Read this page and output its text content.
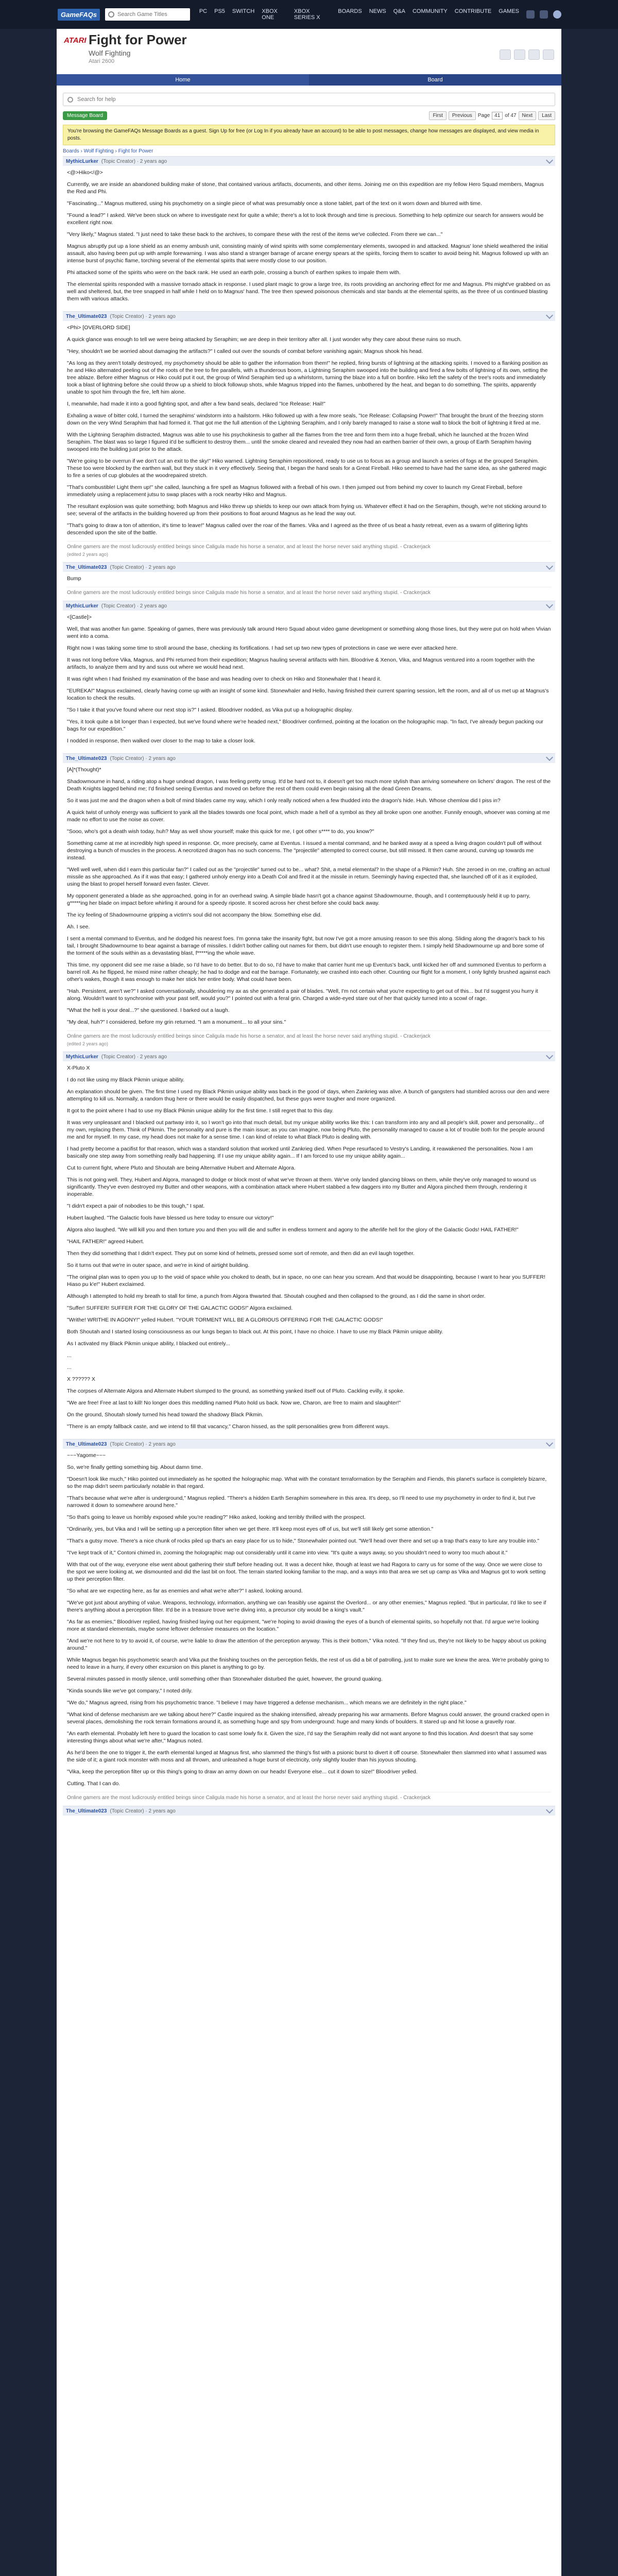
GameFAQs
Search Game Titles	PC PS5 SWITCH XBOX ONE
XBOX SERIES X
BOARDS NEWS Q&A COMMUNITY CONTRIBUTE GAMES
ATARI Fight for Power
Wolf Fighting
Atari 2600
Home	Board
Search for help
Message Board	First	Previous	Page 41 of 47	Next	Last
You're browsing the GameFAQs Message Boards as a guest. Sign Up for free (or Log In if you already have an account) to be able to post messages, change how messages are displayed, and view media in posts.
Boards › Wolf Fighting › Fight for Power
MythicLurker (Topic Creator) · 2 years ago

<@>Hiko</@>

Currently, we are inside an abandoned building make of stone, that contained various artifacts, documents, and other items. Joining me on this expedition are my fellow Hero Squad members, Magnus the Red and Phi.

"Fascinating..." Magnus muttered, using his psychometry on a single piece of what was presumably once a stone tablet, part of the text on it worn down and blurred with time.

"Found a lead?" I asked. We've been stuck on where to investigate next for quite a while; there's a lot to look through and time is precious. Something to help optimize our search for answers would be excellent right now.

"Very likely," Magnus stated. "I just need to take these back to the archives, to compare these with the rest of the items we've collected. From there we can..."

Magnus abruptly put up a lone shield as an enemy ambush unit, consisting mainly of wind spirits with some complementary elements, swooped in and attacked. Magnus' lone shield weathered the initial assault, also having been put up with ample forewarning. I was also stand a stranger barrage of arcane energy spears at the spirits, forcing them to scatter to avoid being hit. Magnus followed up with an intense burst of psychic flame, torching several of the elemental spirits that were mostly close to our position.

Phi attacked some of the spirits who were on the back rank. He used an earth pole, crossing a bunch of earthen spikes to impale them with.

The elemental spirits responded with a massive tornado attack in response. I used plant magic to grow a large tree, its roots providing an anchoring effect for me and Magnus. Phi might've grabbed on as well and sheltered, but, the tree snapped in half while I held on to Magnus' hand. The tree then spewed poisonous chemicals and star bands at the elemental spirits, as the three of us continued blasting them with various attacks.

The_Ultimate023 (Topic Creator) · 2 years ago

<Phi> [OVERLORD SIDE]

A quick glance was enough to tell we were being attacked by Seraphim; we are deep in their territory after all. I just wonder why they care about these ruins so much.

"Hey, shouldn't we be worried about damaging the artifacts?" I called out over the sounds of combat before vanishing again; Magnus shook his head.

"As long as they aren't totally destroyed, my psychometry should be able to gather the information from them!" he replied, firing bursts of lightning at the attacking spirits. I moved to a flanking position as he and Hiko alternated peeling out of the roots of the tree to fire parallels, with a thunderous boom, a Lightning Seraphim swooped into the building and fired a few bolts of lightning of its own, setting the tree ablaze. Before either Magnus or Hiko could put it out, the group of Wind Seraphim tied up a whirlstorm, turning the blaze into a full on bonfire. Hiko left the safety of the tree's roots and immediately took a blast of lightning before she could throw up a shield to block followup shots, while Magnus tripped into the flames, unbothered by the heat, and began to do something. The spirits, apparently unable to spot him through the fire, left him alone.

I, meanwhile, had made it into a good fighting spot, and after a few band seals, declared "Ice Release: Hail!"

Exhaling a wave of bitter cold, I turned the seraphims' windstorm into a hailstorm. Hiko followed up with a few more seals, "Ice Release: Collapsing Power!" That brought the brunt of the freezing storm down on the very Wind Seraphim that had formed it. That got me the full attention of the Lightning Seraphim, and I only barely managed to raise a stone wall to block the bolt of lightning it fired at me.

With the Lightning Seraphim distracted, Magnus was able to use his psychokinesis to gather all the flames from the tree and form them into a huge fireball, which he launched at the frozen Wind Seraphim. The blast was so large I figured it'd be sufficient to destroy them... until the smoke cleared and revealed they now had an earthen barrier of their own, a group of Earth Seraphim having swooped into the building just prior to the attack.

"We're going to be overrun if we don't cut an exit to the sky!" Hiko warned. Lightning Seraphim repositioned, ready to use us to focus as a group and launch a series of fogs at the grouped Seraphim. These too were blocked by the earthen wall, but they stuck in it very effectively. Seeing that, I began the hand seals for a Great Fireball. Hiko seemed to have had the same idea, as she gathered magic to fire a series of cup globules at the woodrepaired stretch.

"That's combustible! Light them up!" she called, launching a fire spell as Magnus followed with a fireball of his own. I then jumped out from behind my cover to launch my Great Fireball, before immediately using a replacement jutsu to swap places with a rock nearby Hiko and Magnus.

The resultant explosion was quite something; both Magnus and Hiko threw up shields to keep our own attack from frying us. Whatever effect it had on the Seraphim, though, we're not sticking around to see; several of the artifacts in the building hovered up from their positions to float around Magnus as he lead the way out.

"That's going to draw a ton of attention, it's time to leave!" Magnus called over the roar of the flames. Vika and I agreed as the three of us beat a hasty retreat, even as a swarm of glittering lights descended upon the site of the battle.

Online gamers are the most ludicrously entitled beings since Caligula made his horse a senator, and at least the horse never said anything stupid. - Crackerjack
(edited 2 years ago)
The_Ultimate023 (Topic Creator) · 2 years ago

Bump

Online gamers are the most ludicrously entitled beings since Caligula made his horse a senator, and at least the horse never said anything stupid. - Crackerjack
MythicLurker (Topic Creator) · 2 years ago

<[Castle]>

Well, that was another fun game. Speaking of games, there was previously talk around Hero Squad about video game development or something along those lines, but they were put on hold when Vivian went into a coma.

Right now I was taking some time to stroll around the base, checking its fortifications. I had set up two new types of protections in case we were ever attacked here.

It was not long before Vika, Magnus, and Phi returned from their expedition; Magnus hauling several artifacts with him. Bloodrive & Xenon, Vika, and Magnus ventured into a room together with the artifacts, to analyze them and try and suss out where we would head next.

It was right when I had finished my examination of the base and was heading over to check on Hiko and Stonewhaler that I heard it.

"EUREKA!" Magnus exclaimed, clearly having come up with an insight of some kind. Stonewhaler and Hello, having finished their current sparring session, left the room, and all of us met up at Magnus's location to check the results.

"So I take it that you've found where our next stop is?" I asked. Bloodriver nodded, as Vika put up a holographic display.

"Yes, it took quite a bit longer than I expected, but we've found where we're headed next," Bloodriver confirmed, pointing at the location on the holographic map. "In fact, I've already begun packing our bags for our expedition."

I nodded in response, then walked over closer to the map to take a closer look.

The_Ultimate023 (Topic Creator) · 2 years ago

[A]*(Thought)*

Shadowmourne in hand, a riding atop a huge undead dragon, I was feeling pretty smug. It'd be hard not to, it doesn't get too much more stylish than arriving somewhere on lichers' dragon. The rest of the Death Knights lagged behind me; I'd finished seeing Eventus and moved on before the rest of them could even begin raising all the dead Green Dreams.

So it was just me and the dragon when a bolt of mind blades came my way, which I only really noticed when a few thudded into the dragon's hide. Huh. Whose chemlow did I piss in?

A quick twist of unholy energy was sufficient to yank all the blades towards one focal point, which made a hell of a symbol as they all broke upon one another. Funnily enough, whoever was coming at me made no effort to use the noise as cover.

"Sooo, who's got a death wish today, huh? May as well show yourself; make this quick for me, I got other s**** to do, you know?"

Something came at me at incredibly high speed in response. Or, more precisely, came at Eventus. I issued a mental command, and he banked away at a speed a living dragon couldn't pull off without destroying a bunch of muscles in the process. A necrotized dragon has no such concerns. The "projectile" attempted to correct course, but still missed. It then came around, curving up towards me instead.

"Well well well, when did I earn this particular fan?" I called out as the "projectile" turned out to be... what? Shit, a metal elemental? In the shape of a Pikmin? Huh. She zeroed in on me, crafting an actual missile as she approached. As if it was that easy; I gathered unholy energy into a Death Coil and fired it at the missile in return. Seemingly having expected that, she launched off of it as it exploded, using the blast to propel herself forward even faster. Clever.

My opponent generated a blade as she approached, going in for an overhead swing. A simple blade hasn't got a chance against Shadowmourne, though, and I contemptuously held it up to parry, g*****ing her blade on impact before whirling it around for a speedy riposte. It scored across her chest before she could back away.

The icy feeling of Shadowmourne gripping a victim's soul did not accompany the blow. Something else did.

Ah. I see.

I sent a mental command to Eventus, and he dodged his nearest foes. I'm gonna take the insanity fight, but now I've got a more amusing reason to see this along. Sliding along the dragon's back to his tail, I brought Shadowmourne to bear against a barrage of missiles. I didn't bother calling out names for them, but didn't use enough to register them. I simply held Shadowmourne up and bore some of the torment of the souls within as a devastating blast, f*****ing the whole wave.

This time, my opponent did see me raise a blade, so I'd have to do better. But to do so, I'd have to make that carrier hunt me up Eventus's back, until kicked her off and summoned Eventus to perform a barrel roll. As he flipped, he mixed mine rather cheaply; he had to dodge and eat the barrage. Fortunately, we crashed into each other. Counting our flight for a moment, I only lightly brushed against each other's wakes, though it was enough to make her stick her entire body. What could have been.

"Hah. Persistent, aren't we?" I asked conversationally, shouldering my ax as she generated a pair of blades. "Well, I'm not certain what you're expecting to get out of this... but I'd suggest you hurry it along. Wouldn't want to synchronise with your past self, would you?" I pointed out with a feral grin. Charged a wide-eyed stare out of her that quickly turned into a scowl of rage.

"What the hell is your deal...?" she questioned. I barked out a laugh.

"My deal, huh?" I considered, before my grin returned. "I am a monument... to all your sins."

Online gamers are the most ludicrously entitled beings since Caligula made his horse a senator, and at least the horse never said anything stupid. - Crackerjack
(edited 2 years ago)
MythicLurker (Topic Creator) · 2 years ago

X-Pluto X

I do not like using my Black Pikmin unique ability.

An explanation should be given. The first time I used my Black Pikmin unique ability was back in the good ol' days, when Zankrieg was alive. A bunch of gangsters had stumbled across our den and were attempting to kill us. Normally, a random thug here or there would be easily dispatched, but these guys were tougher and more organized.

It got to the point where I had to use my Black Pikmin unique ability for the first time. I still regret that to this day.

It was very unpleasant and I blacked out partway into it, so I won't go into that much detail, but my unique ability works like this: I can transform into any and all people's skill, power and personality... of my own, replacing them. Think of Pikmin. The personality and pure is the main issue; as you can imagine, now being Pluto, the personality managed to cause a lot of trouble both for the people around me and for myself. In my case, my head does not make for a sense time. I can kind of relate to what Black Pluto is dealing with.

I had pretty become a pacifist for that reason, which was a standard solution that worked until Zankrieg died. When Pepe resurfaced to Vestry's Landing, it reawakened the personalities. Now I am basically one step away from something really bad happening. If I use my unique ability again... If I am forced to use my unique ability again...

Cut to current fight, where Pluto and Shoutah are being Alternative Hubert and Alternate Algora.

This is not going well. They, Hubert and Algora, managed to dodge or block most of what we've thrown at them. We've only landed glancing blows on them, while they've only managed to wound us significantly. They've even destroyed my Butter and other weapons, with a combination attack where Hubert stabbed a few daggers into my Butter and Algora pinched them through, rendering it inoperable.

"I didn't expect a pair of nobodies to be this tough," I spat.

Hubert laughed. "The Galactic fools have blessed us here today to ensure our victory!"

Algora also laughed. "We will kill you and then torture you and then you will die and suffer in endless torment and agony to the afterlife hell for the glory of the Galactic Gods! HAIL FATHER!"

"HAIL FATHER!" agreed Hubert.

Then they did something that I didn't expect. They put on some kind of helmets, pressed some sort of remote, and then did an evil laugh together.

So it turns out that we're in outer space, and we're in kind of airtight building.

"The original plan was to open you up to the void of space while you choked to death, but in space, no one can hear you scream. And that would be disappointing, because I want to hear you SUFFER! Hiaso pu k'e!" Hubert exclaimed.

Although I attempted to hold my breath to stall for time, a punch from Algora thwarted that. Shoutah coughed and then collapsed to the ground, as I did the same in short order.

"Suffer! SUFFER! SUFFER FOR THE GLORY OF THE GALACTIC GODS!" Algora exclaimed.

"Writhe! WRITHE IN AGONY!" yelled Hubert. "YOUR TORMENT WILL BE A GLORIOUS OFFERING FOR THE GALACTIC GODS!"

Both Shoutah and I started losing consciousness as our lungs began to black out. At this point, I have no choice. I have to use my Black Pikmin unique ability.

As I activated my Black Pikmin unique ability, I blacked out entirely...

...

...

X ?????? X

The corpses of Alternate Algora and Alternate Hubert slumped to the ground, as something yanked itself out of Pluto. Cackling evilly, it spoke.

"We are free! Free at last to kill! No longer does this meddling named Pluto hold us back. Now we, Charon, are free to maim and slaughter!"

On the ground, Shoutah slowly turned his head toward the shadowy Black Pikmin.

"There is an empty fallback caste, and we intend to fill that vacancy," Charon hissed, as the split personalities grew from different ways.

The_Ultimate023 (Topic Creator) · 2 years ago

~~~Yagome~~~

So, we're finally getting something big. About damn time.

"Doesn't look like much," Hiko pointed out immediately as he spotted the holographic map. What with the constant terraformation by the Seraphim and Fiends, this planet's surface is completely bizarre, so the map didn't seem particularly notable in that regard.

"That's because what we're after is underground," Magnus replied. "There's a hidden Earth Seraphim somewhere in this area. It's deep, so I'll need to use my psychometry in order to find it, but I've narrowed it down to somewhere around here."

"So that's going to leave us horribly exposed while you're reading?" Hiko asked, looking and terribly thrilled with the prospect.

"Ordinarily, yes, but Vika and I will be setting up a perception filter when we get there. It'll keep most eyes off of us, but we'll still likely get some attention."

"That's a gutsy move. There's a nice chunk of rocks piled up that's an easy place for us to hide," Stonewhaler pointed out. "We'll head over there and set up a trap that's easy to lure any trouble into."

"I've kept track of it," Contoni chimed in, zooming the holographic map out considerably until it came into view. "It's quite a ways away, so you shouldn't need to worry too much about it."

With that out of the way, everyone else went about gathering their stuff before heading out. It was a decent hike, though at least we had Ragora to carry us for some of the way. Once we were close to the spot we were looking at, we dismounted and did the last bit on foot. The terrain started looking familiar to the map, and a ways into that area we set up camp as Vika and Magnus got to work setting up their perception filter.

"So what are we expecting here, as far as enemies and what we're after?" I asked, looking around.

"We've got just about anything of value. Weapons, technology, information, anything we can feasibly use against the Overlord... or any other enemies," Magnus replied. "But in particular, I'd like to see if there's anything about a perception filter. It'd be in a treasure trove we're diving into, a precursor city would be a king's vault."

"As far as enemies," Bloodriver replied, having finished laying out her equipment, "we're hoping to avoid drawing the eyes of a bunch of elemental spirits, so hopefully not that. I'd argue we're looking more at standard elementals, maybe some leftover defensive measures on the location."

"And we're not here to try to avoid it, of course, we're liable to draw the attention of the perception anyway. This is their bottom," Vika noted. "If they find us, they're not likely to be happy about us poking around."

While Magnus began his psychometric search and Vika put the finishing touches on the perception fields, the rest of us did a bit of patrolling, just to make sure we knew the area. We're probably going to need to leave in a hurry, if every other excursion on this planet is anything to go by.

Several minutes passed in mostly silence, until something other than Stonewhaler disturbed the quiet, however, the ground quaking.

"Kinda sounds like we've got company," I noted drily.

"We do," Magnus agreed, rising from his psychometric trance. "I believe I may have triggered a defense mechanism... which means we are definitely in the right place."

"What kind of defense mechanism are we talking about here?" Castle inquired as the shaking intensified, already preparing his war armaments. Before Magnus could answer, the ground cracked open in several places, demolishing the rock terrain formations around it, as something huge and spy from underground: huge and many kinds of boulders. It stared up and hit loose a gravelly roar.

"An earth elemental. Probably left here to guard the location to cast some lowly fix it. Given the size, I'd say the Seraphim really did not want anyone to find this location. And doesn't that say some interesting things about what we're after," Magnus noted.

As he'd been the one to trigger it, the earth elemental lunged at Magnus first, who slammed the thing's fist with a psionic burst to divert it off course. Stonewhaler then slammed into what I assumed was the side of it; a giant rock monster with moss and all thrown, and unleashed a huge burst of electricity, only slightly louder than his joyous shouting.

"Vika, keep the perception filter up or this thing's going to draw an army down on our heads! Everyone else... cut it down to size!" Bloodriver yelled.

Cutting. That I can do.

Online gamers are the most ludicrously entitled beings since Caligula made his horse a senator, and at least the horse never said anything stupid. - Crackerjack
The_Ultimate023 (Topic Creator) · 2 years ago
